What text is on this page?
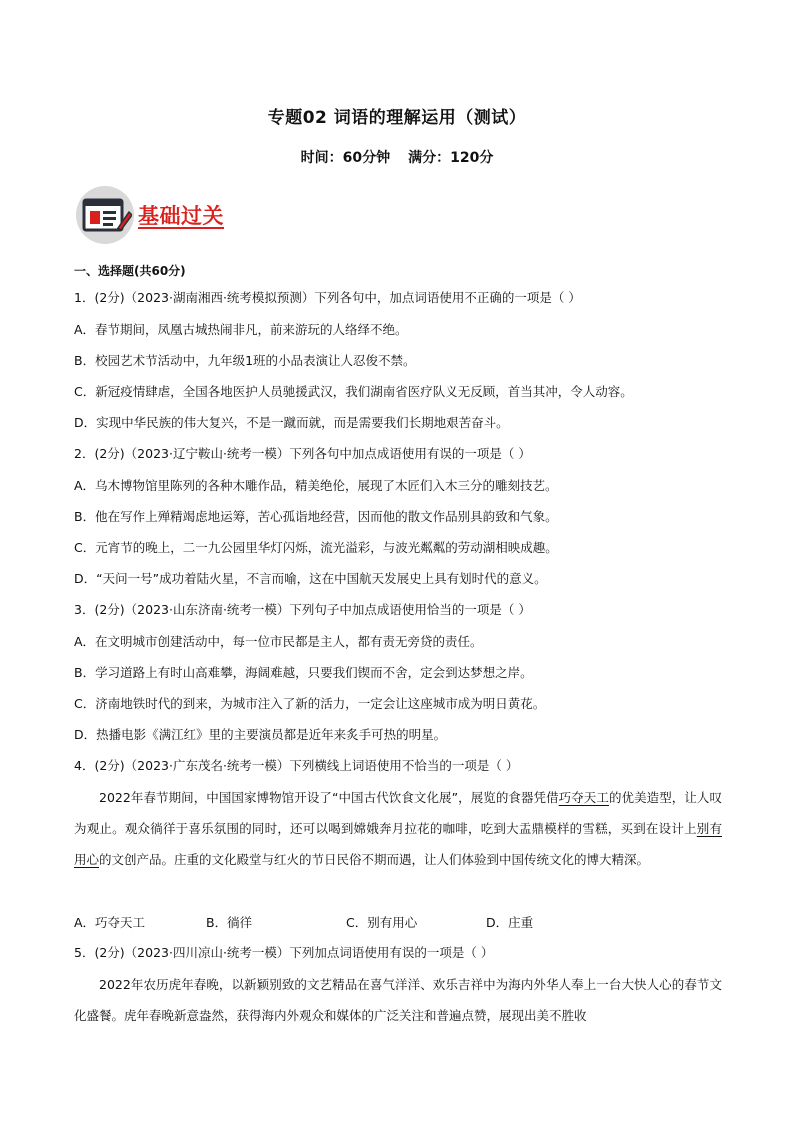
专题02 词语的理解运用（测试）
时间：60分钟 满分：120分
基础过关
一、选择题(共60分)
1．(2分)（2023·湖南湘西·统考模拟预测）下列各句中，加点词语使用不正确的一项是（ ）
A．春节期间，凤凰古城热闹非凡，前来游玩的人络绎不绝。
B．校园艺术节活动中，九年级1班的小品表演让人忍俊不禁。
C．新冠疫情肆虐，全国各地医护人员驰援武汉，我们湖南省医疗队义无反顾，首当其冲，令人动容。
D．实现中华民族的伟大复兴，不是一蹴而就，而是需要我们长期地艰苦奋斗。
2．(2分)（2023·辽宁鞍山·统考一模）下列各句中加点成语使用有误的一项是（ ）
A．乌木博物馆里陈列的各种木雕作品，精美绝伦，展现了木匠们入木三分的雕刻技艺。
B．他在写作上殚精竭虑地运筹，苦心孤诣地经营，因而他的散文作品别具韵致和气象。
C．元宵节的晚上，二一九公园里华灯闪烁，流光溢彩，与波光粼粼的劳动湖相映成趣。
D．“天问一号”成功着陆火星，不言而喻，这在中国航天发展史上具有划时代的意义。
3．(2分)（2023·山东济南·统考一模）下列句子中加点成语使用恰当的一项是（ ）
A．在文明城市创建活动中，每一位市民都是主人，都有责无旁贷的责任。
B．学习道路上有时山高难攀，海阔难越，只要我们锲而不舍，定会到达梦想之岸。
C．济南地铁时代的到来，为城市注入了新的活力，一定会让这座城市成为明日黄花。
D．热播电影《满江红》里的主要演员都是近年来炙手可热的明星。
4．(2分)（2023·广东茂名·统考一模）下列横线上词语使用不恰当的一项是（ ）
2022年春节期间，中国国家博物馆开设了“中国古代饮食文化展”，展览的食器凭借巧夺天工的优美造型，让人叹为观止。观众徜徉于喜乐氛围的同时，还可以喝到嫦娥奔月拉花的咖啡，吃到大盂鼎模样的雪糕，买到在设计上别有用心的文创产品。庄重的文化殿堂与红火的节日民俗不期而遇，让人们体验到中国传统文化的博大精深。
A．巧夺天工	B．徜徉	C．别有用心	D．庄重
5．(2分)（2023·四川凉山·统考一模）下列加点词语使用有误的一项是（ ）
2022年农历虎年春晚，以新颖别致的文艺精品在喜气洋洋、欢乐吉祥中为海内外华人奉上一台大快人心的春节文化盛餐。虎年春晚新意盎然，获得海内外观众和媒体的广泛关注和普遍点赞，展现出美不胜收
